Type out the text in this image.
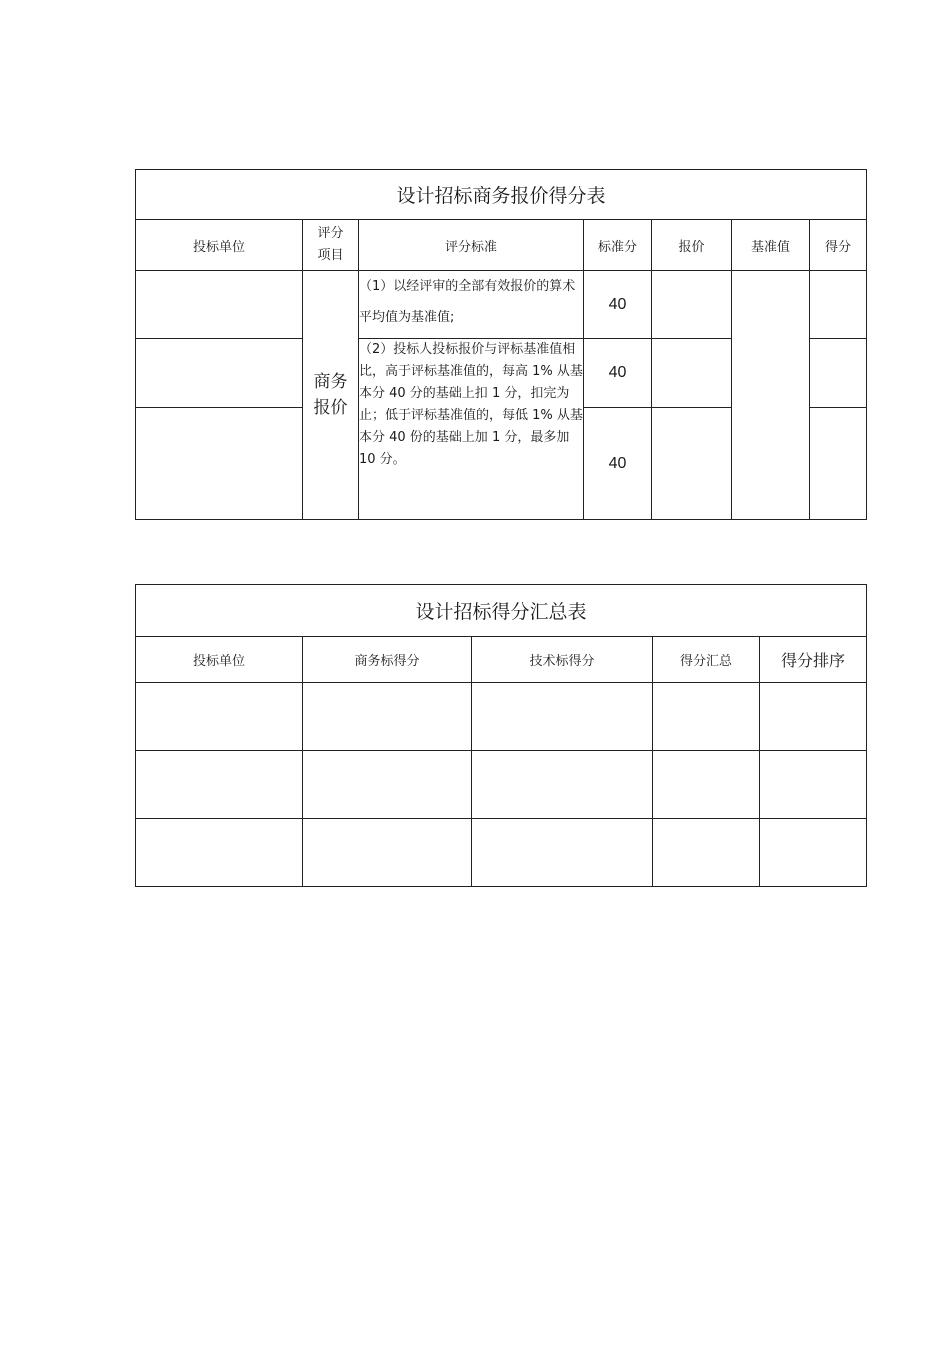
设计招标商务报价得分表						
投标单位	评分项目	评分标准	标准分	报价	基准值	得分
	商务报价	（1）以经评审的全部有效报价的算术平均值为基准值;	40			
		（2）投标人投标报价与评标基准值相比，高于评标基准值的，每高 1% 从基本分 40 分的基础上扣 1 分，扣完为止；低于评标基准值的，每低 1% 从基本分 40 份的基础上加 1 分，最多加 10 分。	40			
			40			
设计招标得分汇总表				
投标单位	商务标得分	技术标得分	得分汇总	得分排序
